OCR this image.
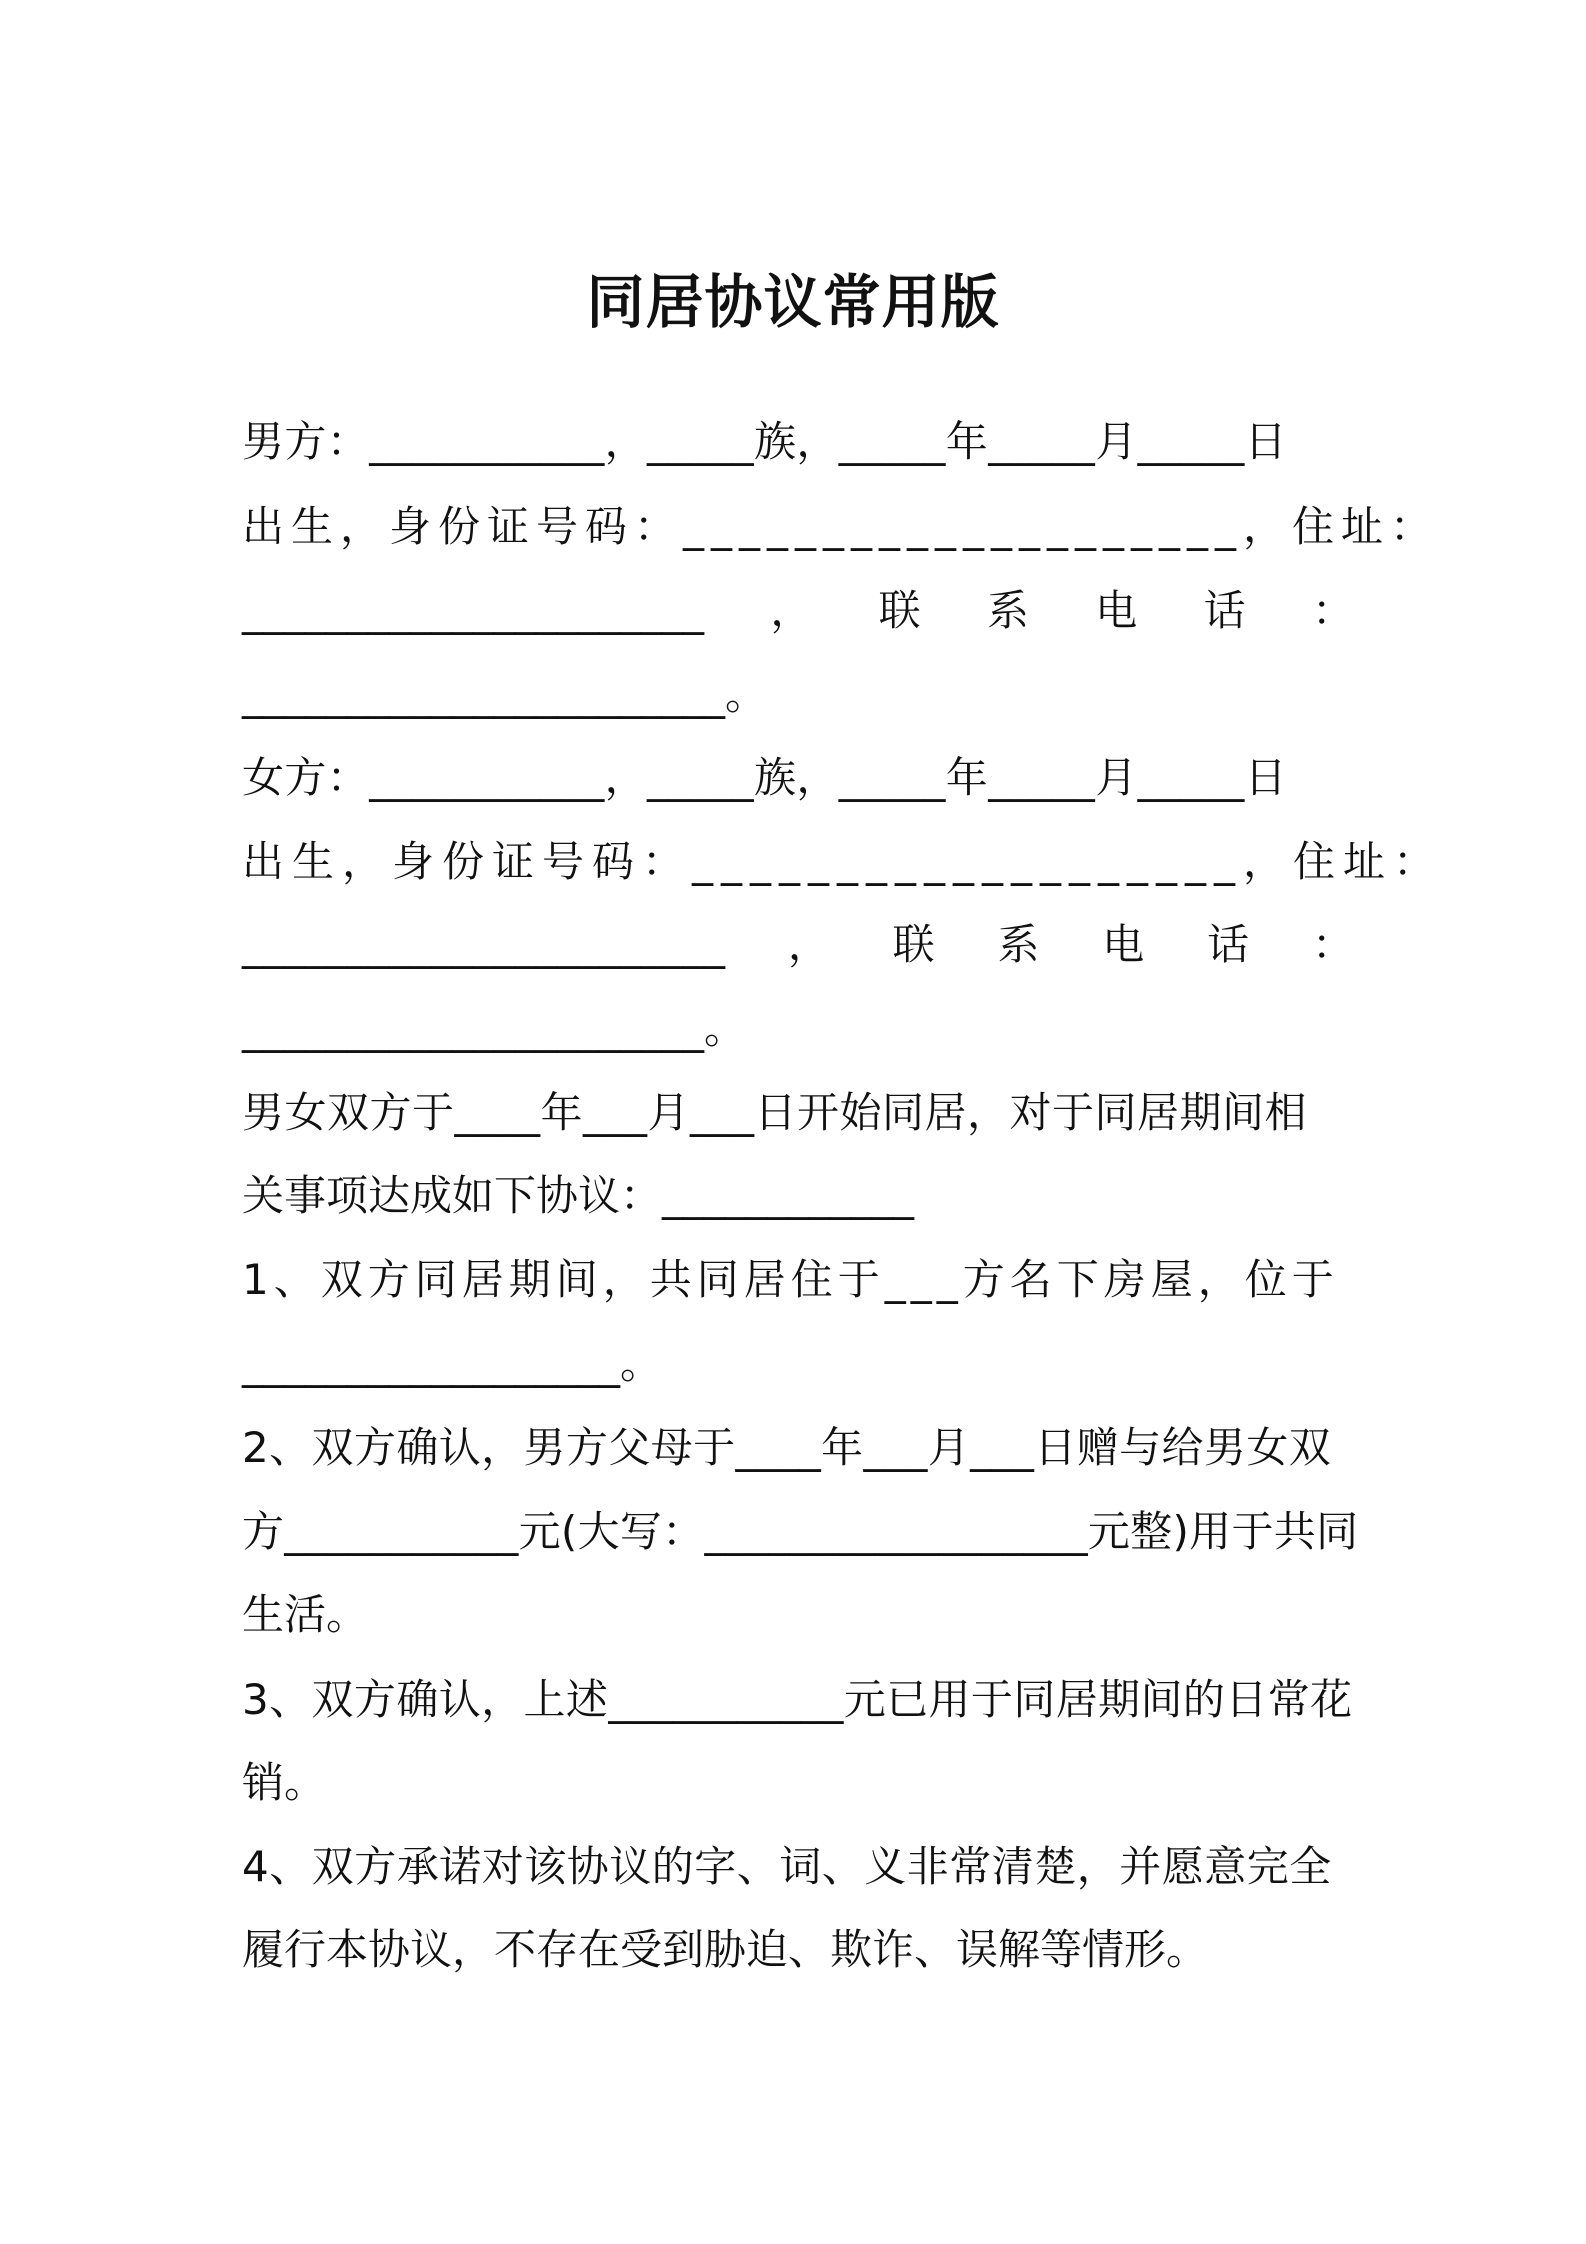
同居协议常用版

男方：___________，_____族，_____年_____月_____日

出生，身份证号码：____________________，住址：

______________________ ， 联 系 电 话 ：

_______________________。

女方：___________，_____族，_____年_____月_____日

出生，身份证号码：___________________，住址：

_______________________ ， 联 系 电 话 ：

______________________。

男女双方于____年___月___日开始同居，对于同居期间相

关事项达成如下协议：____________

1、双方同居期间，共同居住于___方名下房屋，位于

__________________。

2、双方确认，男方父母于____年___月___日赠与给男女双

方___________元(大写：__________________元整)用于共同

生活。

3、双方确认，上述___________元已用于同居期间的日常花

销。

4、双方承诺对该协议的字、词、义非常清楚，并愿意完全

履行本协议，不存在受到胁迫、欺诈、误解等情形。
